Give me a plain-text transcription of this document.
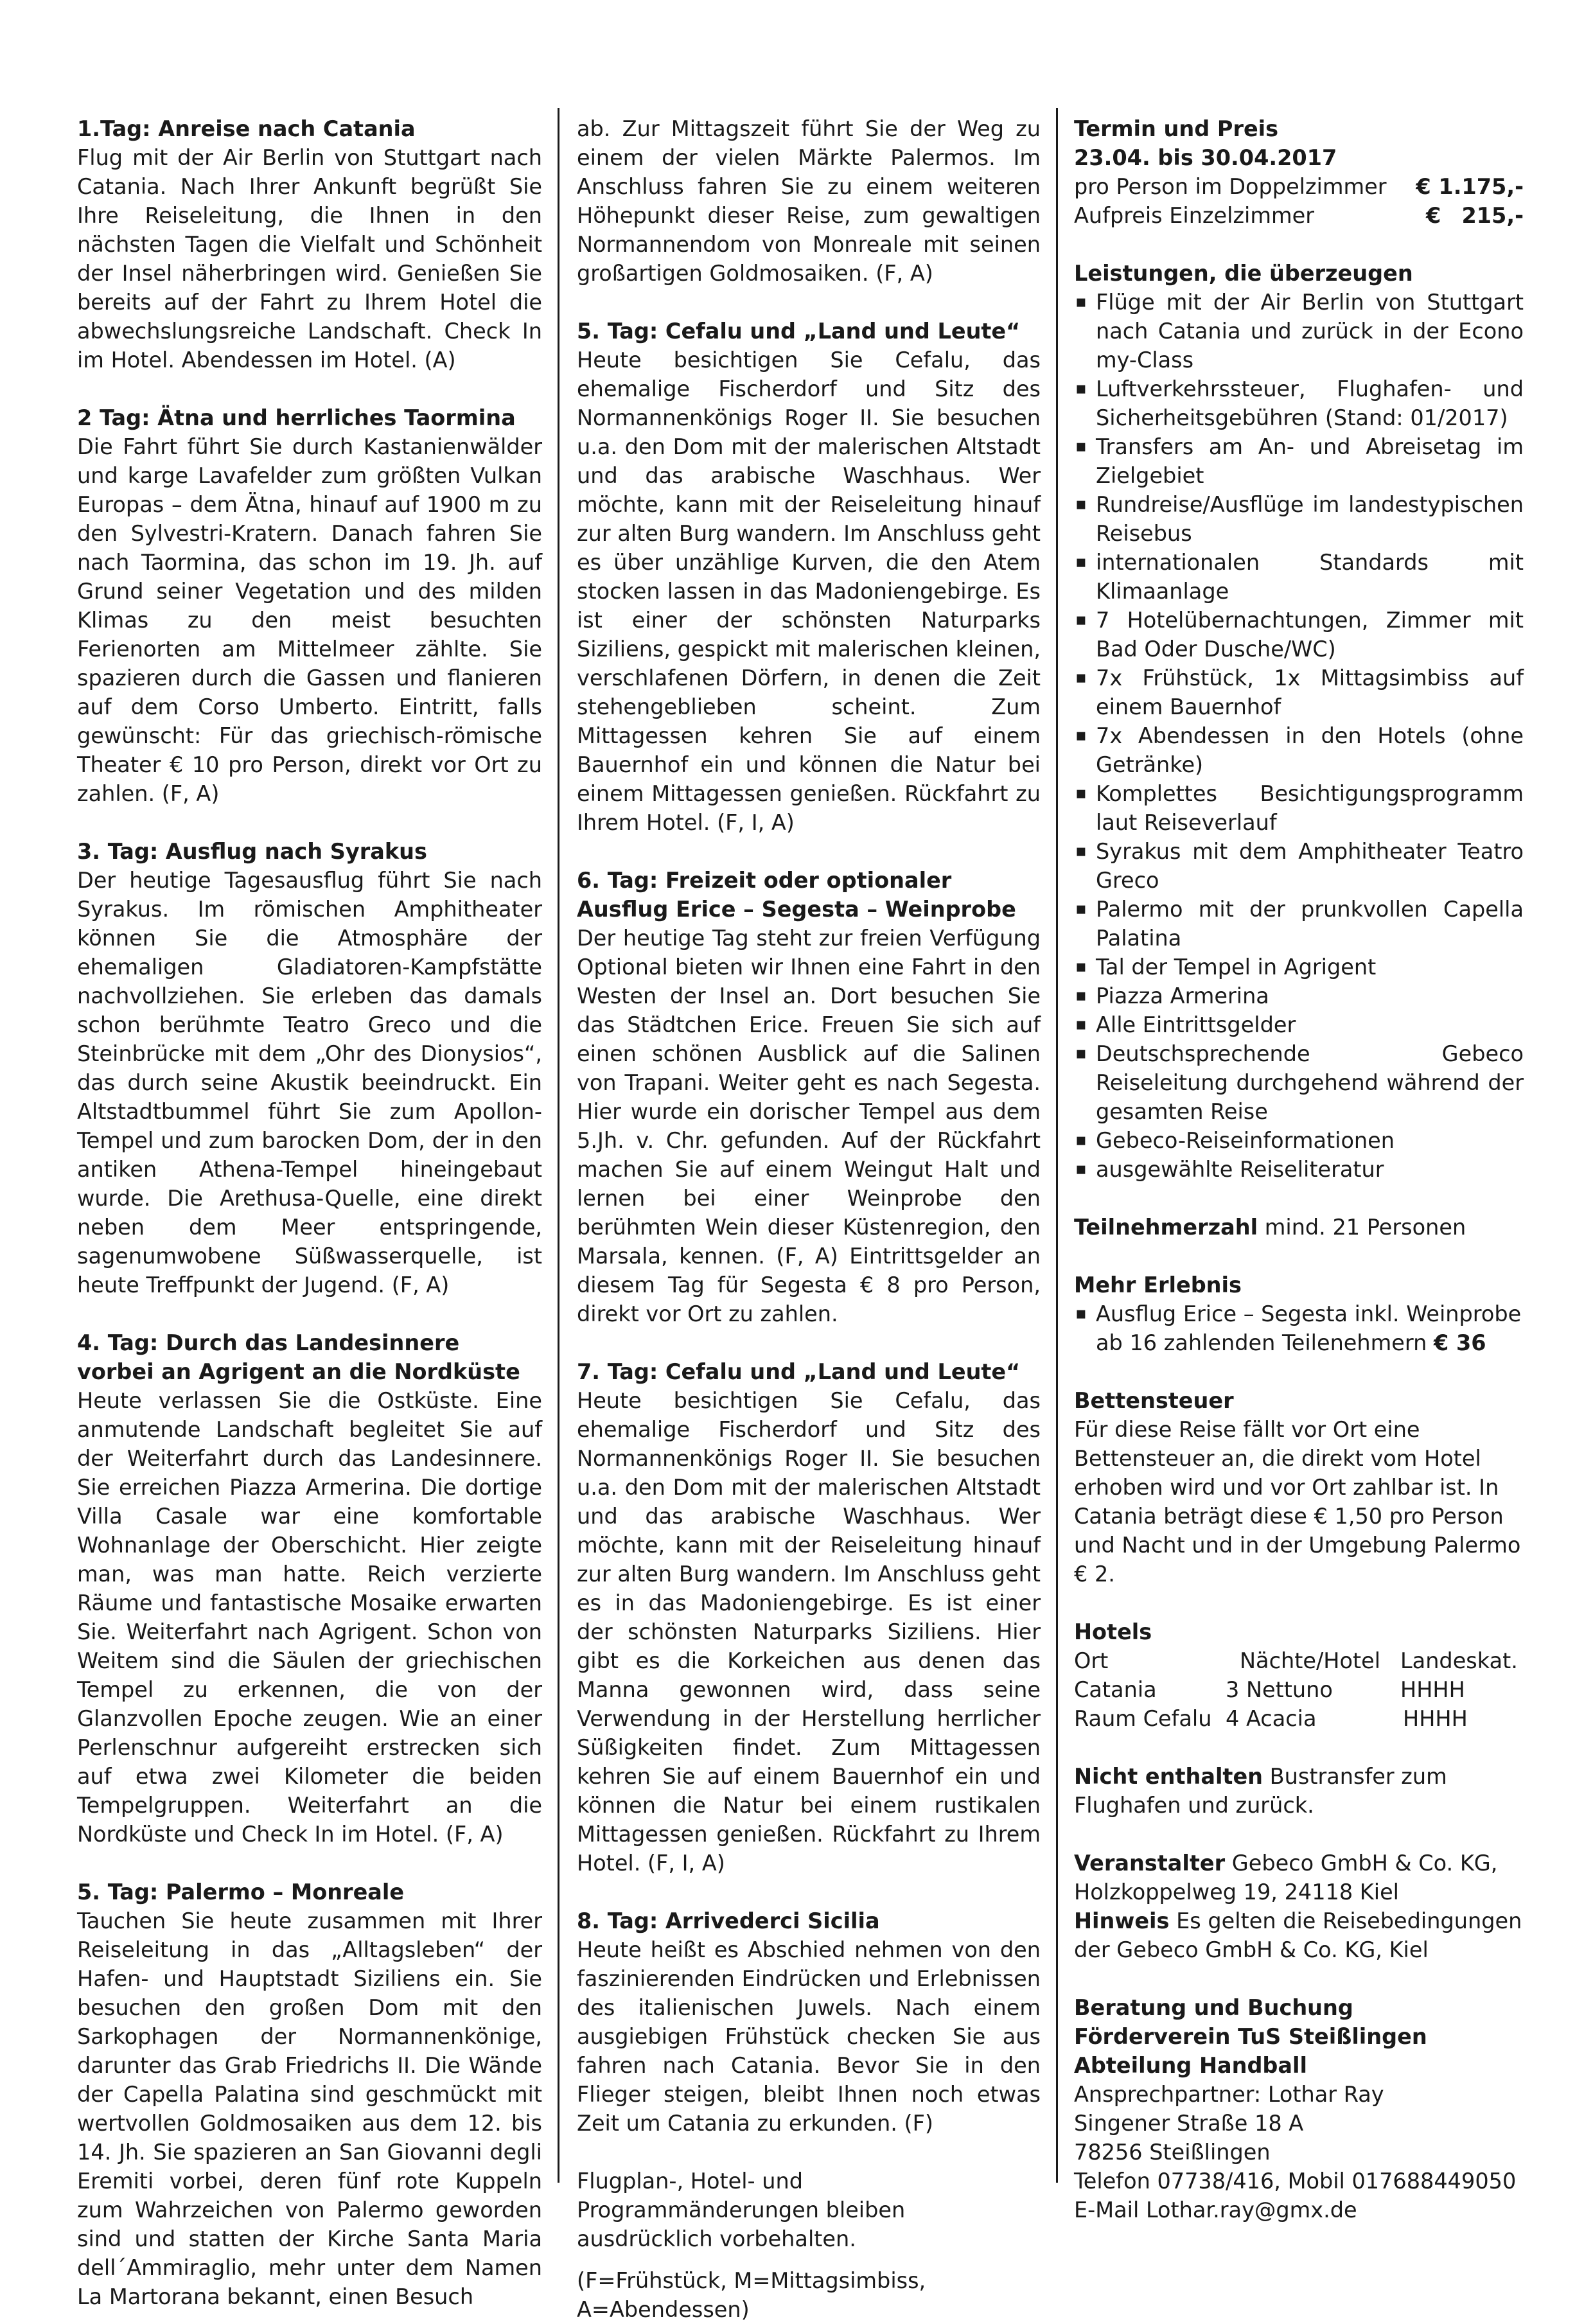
1.Tag: Anreise nach Catania

Flug mit der Air Berlin von Stuttgart nach Catania. Nach Ihrer Ankunft begrüßt Sie Ihre Reiseleitung, die Ihnen in den nächsten Tagen die Vielfalt und Schönheit der Insel näherbringen wird. Genießen Sie bereits auf der Fahrt zu Ihrem Hotel die abwechslungsreiche Landschaft. Check In im Hotel. Abendessen im Hotel. (A)

2 Tag: Ätna und herrliches Taormina

Die Fahrt führt Sie durch Kastanienwälder und karge Lavafelder zum größten Vulkan Europas – dem Ätna, hinauf auf 1900 m zu den Sylvestri-Kratern. Danach fahren Sie nach Taormina, das schon im 19. Jh. auf Grund seiner Vegetation und des milden Klimas zu den meist besuchten Ferienorten am Mittelmeer zählte. Sie spazieren durch die Gassen und flanieren auf dem Corso Umberto. Eintritt, falls gewünscht: Für das griechisch-römische Theater € 10 pro Person, direkt vor Ort zu zahlen. (F, A)

3. Tag: Ausflug nach Syrakus

Der heutige Tagesausflug führt Sie nach Syrakus. Im römischen Amphitheater können Sie die Atmosphäre der ehemaligen Gladiatoren-Kampfstätte nachvollziehen. Sie erleben das damals schon berühmte Teatro Greco und die Steinbrücke mit dem „Ohr des Dionysios“, das durch seine Akustik beeindruckt. Ein Altstadtbummel führt Sie zum Apollon-Tempel und zum barocken Dom, der in den antiken Athena-Tempel hineingebaut wurde. Die Arethusa-Quelle, eine direkt neben dem Meer entspringende, sagenumwobene Süßwasserquelle, ist heute Treffpunkt der Jugend. (F, A)

4. Tag: Durch das Landesinnere vorbei an Agrigent an die Nordküste

Heute verlassen Sie die Ostküste. Eine anmutende Landschaft begleitet Sie auf der Weiterfahrt durch das Landesinnere. Sie erreichen Piazza Armerina. Die dortige Villa Casale war eine komfortable Wohnanlage der Oberschicht. Hier zeigte man, was man hatte. Reich verzierte Räume und fantastische Mosaike erwarten Sie. Weiterfahrt nach Agrigent. Schon von Weitem sind die Säulen der griechischen Tempel zu erkennen, die von der Glanzvollen Epoche zeugen. Wie an einer Perlenschnur aufgereiht erstrecken sich auf etwa zwei Kilometer die beiden Tempelgruppen. Weiterfahrt an die Nordküste und Check In im Hotel. (F, A)

5. Tag: Palermo – Monreale

Tauchen Sie heute zusammen mit Ihrer Reiseleitung in das „Alltagsleben“ der Hafen- und Hauptstadt Siziliens ein. Sie besuchen den großen Dom mit den Sarkophagen der Normannenkönige, darunter das Grab Friedrichs II. Die Wände der Capella Palatina sind geschmückt mit wertvollen Goldmosaiken aus dem 12. bis 14. Jh. Sie spazieren an San Giovanni degli Eremiti vorbei, deren fünf rote Kuppeln zum Wahrzeichen von Palermo geworden sind und statten der Kirche Santa Maria dell´Ammiraglio, mehr unter dem Namen La Martorana bekannt, einen Besuch

ab. Zur Mittagszeit führt Sie der Weg zu einem der vielen Märkte Palermos. Im Anschluss fahren Sie zu einem weiteren Höhepunkt dieser Reise, zum gewaltigen Normannendom von Monreale mit seinen großartigen Goldmosaiken. (F, A)

5. Tag: Cefalu und „Land und Leute“

Heute besichtigen Sie Cefalu, das ehemalige Fischerdorf und Sitz des Normannenkönigs Roger II. Sie besuchen u.a. den Dom mit der malerischen Altstadt und das arabische Waschhaus. Wer möchte, kann mit der Reiseleitung hinauf zur alten Burg wandern. Im Anschluss geht es über unzählige Kurven, die den Atem stocken lassen in das Madoniengebirge. Es ist einer der schönsten Naturparks Siziliens, gespickt mit malerischen kleinen, verschlafenen Dörfern, in denen die Zeit stehengeblieben scheint. Zum Mittagessen kehren Sie auf einem Bauernhof ein und können die Natur bei einem Mittagessen genießen. Rückfahrt zu Ihrem Hotel. (F, I, A)

6. Tag: Freizeit oder optionaler Ausflug Erice – Segesta – Weinprobe

Der heutige Tag steht zur freien Verfügung Optional bieten wir Ihnen eine Fahrt in den Westen der Insel an. Dort besuchen Sie das Städtchen Erice. Freuen Sie sich auf einen schönen Ausblick auf die Salinen von Trapani. Weiter geht es nach Segesta. Hier wurde ein dorischer Tempel aus dem 5.Jh. v. Chr. gefunden. Auf der Rückfahrt machen Sie auf einem Weingut Halt und lernen bei einer Weinprobe den berühmten Wein dieser Küstenregion, den Marsala, kennen. (F, A) Eintrittsgelder an diesem Tag für Segesta € 8 pro Person, direkt vor Ort zu zahlen.

7. Tag: Cefalu und „Land und Leute“

Heute besichtigen Sie Cefalu, das ehemalige Fischerdorf und Sitz des Normannenkönigs Roger II. Sie besuchen u.a. den Dom mit der malerischen Altstadt und das arabische Waschhaus. Wer möchte, kann mit der Reiseleitung hinauf zur alten Burg wandern. Im Anschluss geht es in das Madoniengebirge. Es ist einer der schönsten Naturparks Siziliens. Hier gibt es die Korkeichen aus denen das Manna gewonnen wird, dass seine Verwendung in der Herstellung herrlicher Süßigkeiten findet. Zum Mittagessen kehren Sie auf einem Bauernhof ein und können die Natur bei einem rustikalen Mittagessen genießen. Rückfahrt zu Ihrem Hotel. (F, I, A)

8. Tag: Arrivederci Sicilia

Heute heißt es Abschied nehmen von den faszinierenden Eindrücken und Erlebnissen des italienischen Juwels. Nach einem ausgiebigen Frühstück checken Sie aus fahren nach Catania. Bevor Sie in den Flieger steigen, bleibt Ihnen noch etwas Zeit um Catania zu erkunden. (F)

Flugplan-, Hotel- und Programmänderungen bleiben ausdrücklich vorbehalten.

(F=Frühstück, M=Mittagsimbiss, A=Abendessen)

Termin und Preis
23.04. bis 30.04.2017
pro Person im Doppelzimmer € 1.175,-
Aufpreis Einzelzimmer	€ 215,-
Leistungen, die überzeugen
▪ Flüge mit der Air Berlin von Stuttgart nach Catania und zurück in der Econo my-Class
▪ Luftverkehrssteuer, Flughafen- und Sicherheitsgebühren (Stand: 01/2017)
▪ Transfers am An- und Abreisetag im Zielgebiet
▪ Rundreise/Ausflüge im landestypischen Reisebus
▪ internationalen Standards mit Klimaanlage
▪ 7 Hotelübernachtungen, Zimmer mit Bad Oder Dusche/WC)
▪ 7x Frühstück, 1x Mittagsimbiss auf einem Bauernhof
▪ 7x Abendessen in den Hotels (ohne Getränke)
▪ Komplettes Besichtigungsprogramm laut Reiseverlauf
▪ Syrakus mit dem Amphitheater Teatro Greco
▪ Palermo mit der prunkvollen Capella Palatina
▪ Tal der Tempel in Agrigent
▪ Piazza Armerina
▪ Alle Eintrittsgelder
▪ Deutschsprechende Gebeco Reiseleitung durchgehend während der gesamten Reise
▪ Gebeco-Reiseinformationen
▪ ausgewählte Reiseliteratur

Teilnehmerzahl mind. 21 Personen

Mehr Erlebnis
▪ Ausflug Erice – Segesta inkl. Weinprobe ab 16 zahlenden Teilenehmern € 36
Bettensteuer

Für diese Reise fällt vor Ort eine Bettensteuer an, die direkt vom Hotel erhoben wird und vor Ort zahlbar ist. In Catania beträgt diese € 1,50 pro Person und Nacht und in der Umgebung Palermo € 2.

Hotels
Ort	Nächte/Hotel	Landeskat.
Catania	3 Nettuno	HHHH
Raum Cefalu	4 Acacia	HHHH

Nicht enthalten Bustransfer zum Flughafen und zurück.

Veranstalter Gebeco GmbH & Co. KG, Holzkoppelweg 19, 24118 Kiel

Hinweis Es gelten die Reisebedingungen der Gebeco GmbH & Co. KG, Kiel

Beratung und Buchung
Förderverein TuS Steißlingen
Abteilung Handball

Ansprechpartner: Lothar Ray

Singener Straße 18 A

78256 Steißlingen

Telefon 07738/416, Mobil 017688449050

E-Mail Lothar.ray@gmx.de
